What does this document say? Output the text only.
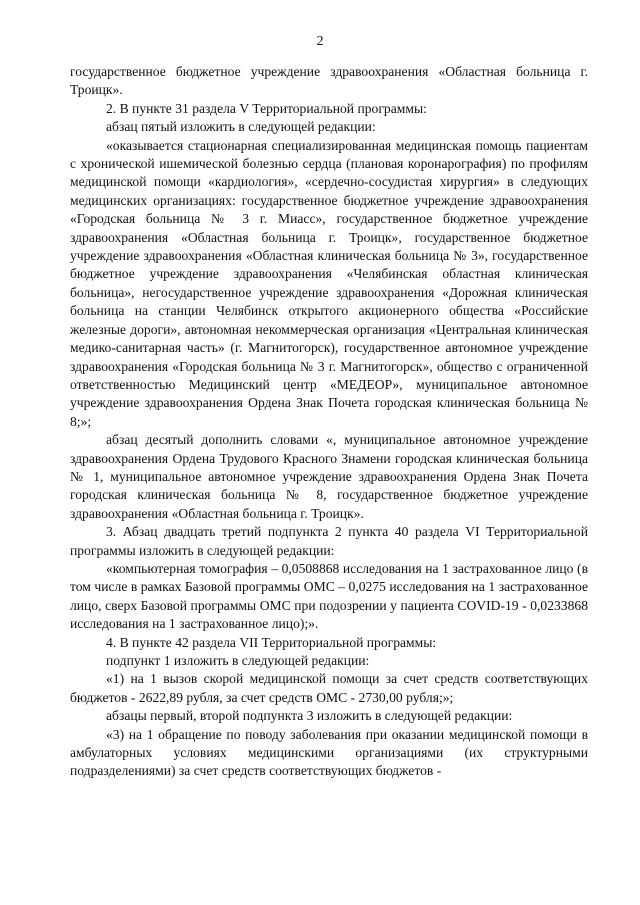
2

государственное бюджетное учреждение здравоохранения «Областная больница г. Троицк».

2. В пункте 31 раздела V Территориальной программы:

абзац пятый изложить в следующей редакции:

«оказывается стационарная специализированная медицинская помощь пациентам с хронической ишемической болезнью сердца (плановая коронарография) по профилям медицинской помощи «кардиология», «сердечно-сосудистая хирургия» в следующих медицинских организациях: государственное бюджетное учреждение здравоохранения «Городская больница № 3 г. Миасс», государственное бюджетное учреждение здравоохранения «Областная больница г. Троицк», государственное бюджетное учреждение здравоохранения «Областная клиническая больница № 3», государственное бюджетное учреждение здравоохранения «Челябинская областная клиническая больница», негосударственное учреждение здравоохранения «Дорожная клиническая больница на станции Челябинск открытого акционерного общества «Российские железные дороги», автономная некоммерческая организация «Центральная клиническая медико-санитарная часть» (г. Магнитогорск), государственное автономное учреждение здравоохранения «Городская больница № 3 г. Магнитогорск», общество с ограниченной ответственностью Медицинский центр «МЕДЕОР», муниципальное автономное учреждение здравоохранения Ордена Знак Почета городская клиническая больница № 8;»;

абзац десятый дополнить словами «, муниципальное автономное учреждение здравоохранения Ордена Трудового Красного Знамени городская клиническая больница № 1, муниципальное автономное учреждение здравоохранения Ордена Знак Почета городская клиническая больница № 8, государственное бюджетное учреждение здравоохранения «Областная больница г. Троицк».

3. Абзац двадцать третий подпункта 2 пункта 40 раздела VI Территориальной программы изложить в следующей редакции:

«компьютерная томография – 0,0508868 исследования на 1 застрахованное лицо (в том числе в рамках Базовой программы ОМС – 0,0275 исследования на 1 застрахованное лицо, сверх Базовой программы ОМС при подозрении у пациента COVID-19 - 0,0233868 исследования на 1 застрахованное лицо);».

4. В пункте 42 раздела VII Территориальной программы:

подпункт 1 изложить в следующей редакции:

«1) на 1 вызов скорой медицинской помощи за счет средств соответствующих бюджетов - 2622,89 рубля, за счет средств ОМС - 2730,00 рубля;»;

абзацы первый, второй подпункта 3 изложить в следующей редакции:

«3) на 1 обращение по поводу заболевания при оказании медицинской помощи в амбулаторных условиях медицинскими организациями (их структурными подразделениями) за счет средств соответствующих бюджетов -
